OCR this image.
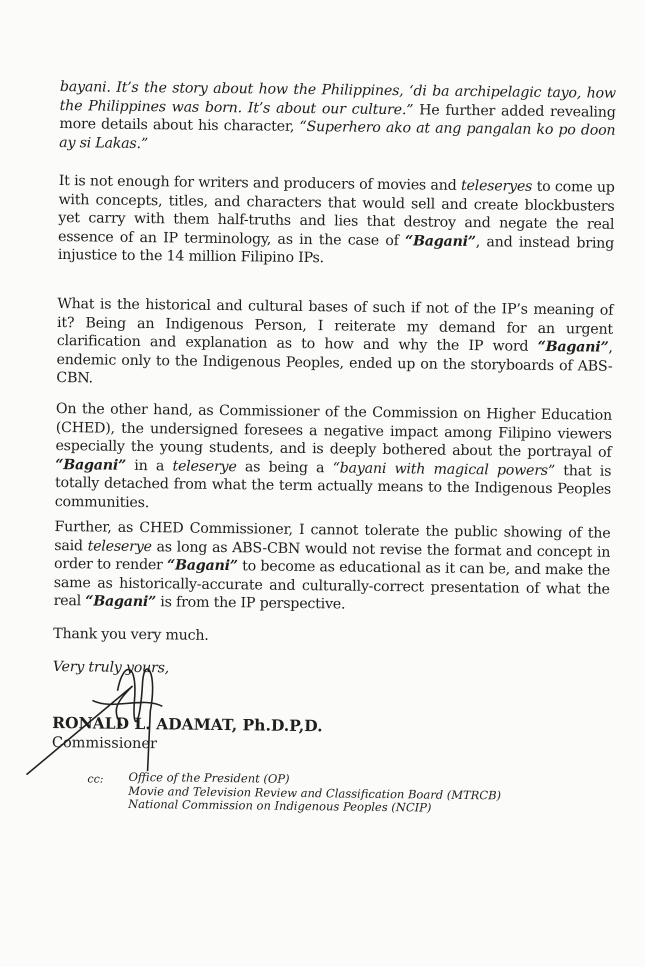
bayani. It’s the story about how the Philippines, ‘di ba archipelagic tayo, how the Philippines was born. It’s about our culture.” He further added revealing more details about his character, “Superhero ako at ang pangalan ko po doon ay si Lakas.”
It is not enough for writers and producers of movies and teleseryes to come up with concepts, titles, and characters that would sell and create blockbusters yet carry with them half-truths and lies that destroy and negate the real essence of an IP terminology, as in the case of “Bagani”, and instead bring injustice to the 14 million Filipino IPs.
What is the historical and cultural bases of such if not of the IP’s meaning of it? Being an Indigenous Person, I reiterate my demand for an urgent clarification and explanation as to how and why the IP word “Bagani”, endemic only to the Indigenous Peoples, ended up on the storyboards of ABS-CBN.
On the other hand, as Commissioner of the Commission on Higher Education (CHED), the undersigned foresees a negative impact among Filipino viewers especially the young students, and is deeply bothered about the portrayal of “Bagani” in a teleserye as being a “bayani with magical powers” that is totally detached from what the term actually means to the Indigenous Peoples communities.
Further, as CHED Commissioner, I cannot tolerate the public showing of the said teleserye as long as ABS-CBN would not revise the format and concept in order to render “Bagani” to become as educational as it can be, and make the same as historically-accurate and culturally-correct presentation of what the real “Bagani” is from the IP perspective.
Thank you very much.
Very truly yours,
RONALD L. ADAMAT, Ph.D.P,D.
Commissioner
cc: Office of the President (OP)
Movie and Television Review and Classification Board (MTRCB)
National Commission on Indigenous Peoples (NCIP)
